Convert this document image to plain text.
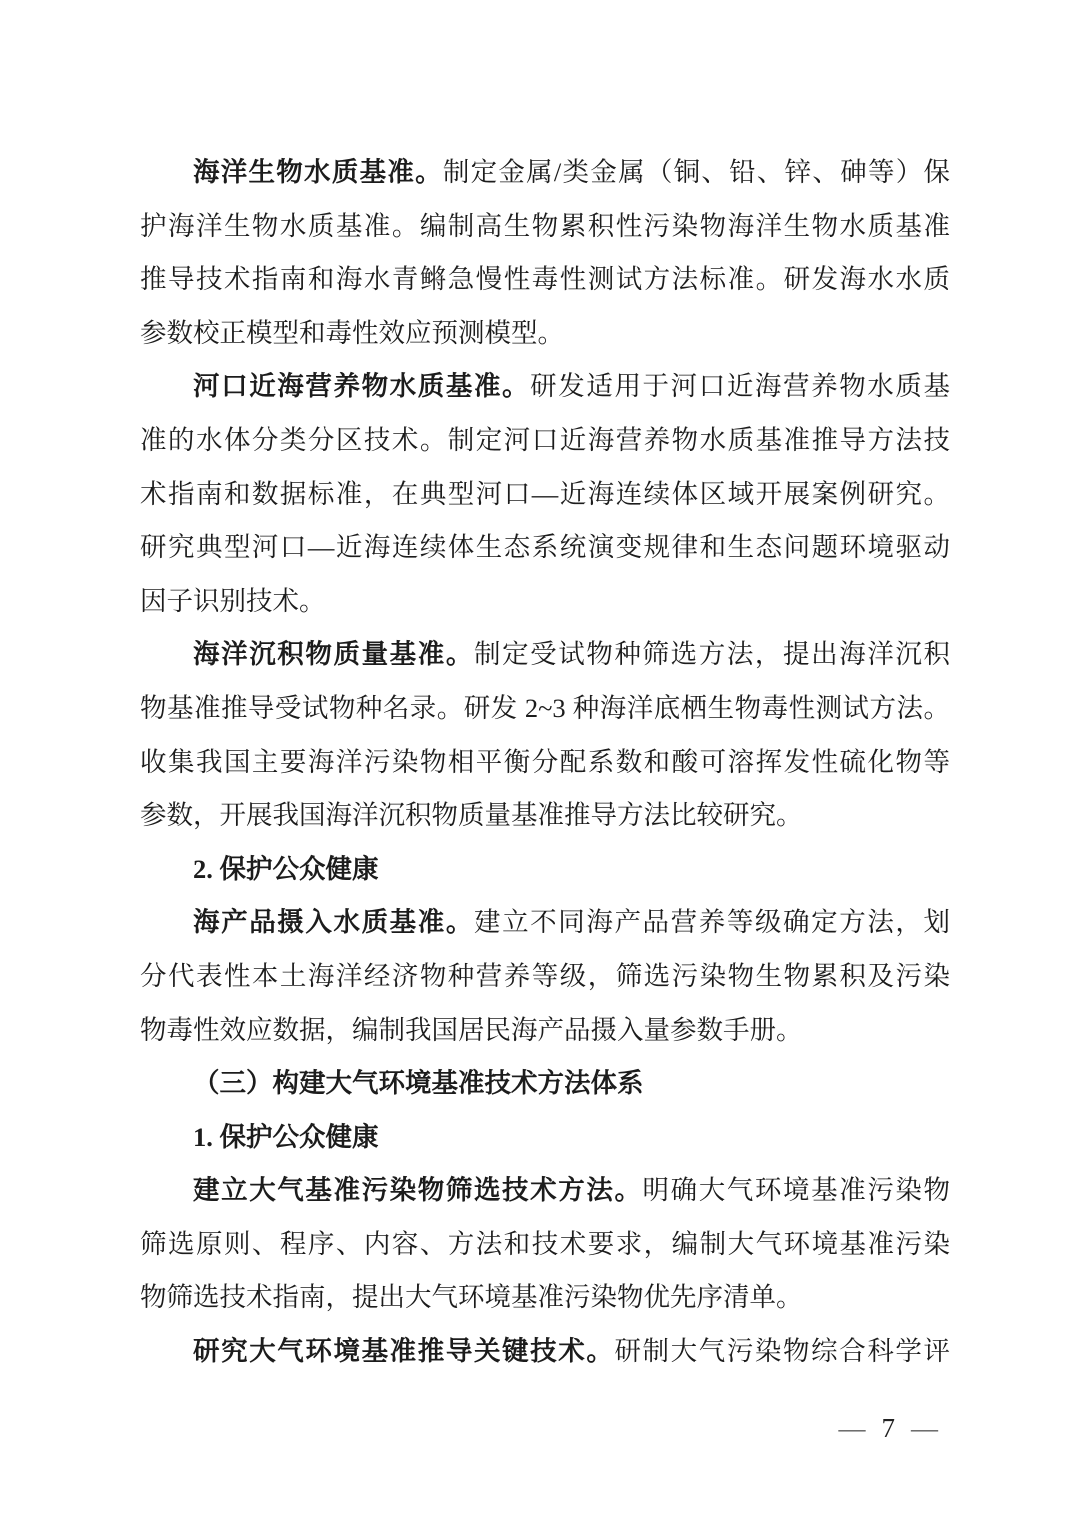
海洋生物水质基准。制定金属/类金属（铜、铅、锌、砷等）保
护海洋生物水质基准。编制高生物累积性污染物海洋生物水质基准
推导技术指南和海水青鳉急慢性毒性测试方法标准。研发海水水质
参数校正模型和毒性效应预测模型。
河口近海营养物水质基准。研发适用于河口近海营养物水质基
准的水体分类分区技术。制定河口近海营养物水质基准推导方法技
术指南和数据标准，在典型河口—近海连续体区域开展案例研究。
研究典型河口—近海连续体生态系统演变规律和生态问题环境驱动
因子识别技术。
海洋沉积物质量基准。制定受试物种筛选方法，提出海洋沉积
物基准推导受试物种名录。研发 2~3 种海洋底栖生物毒性测试方法。
收集我国主要海洋污染物相平衡分配系数和酸可溶挥发性硫化物等
参数，开展我国海洋沉积物质量基准推导方法比较研究。
2. 保护公众健康
海产品摄入水质基准。建立不同海产品营养等级确定方法，划
分代表性本土海洋经济物种营养等级，筛选污染物生物累积及污染
物毒性效应数据，编制我国居民海产品摄入量参数手册。
（三）构建大气环境基准技术方法体系
1. 保护公众健康
建立大气基准污染物筛选技术方法。明确大气环境基准污染物
筛选原则、程序、内容、方法和技术要求，编制大气环境基准污染
物筛选技术指南，提出大气环境基准污染物优先序清单。
研究大气环境基准推导关键技术。研制大气污染物综合科学评
— 7 —
